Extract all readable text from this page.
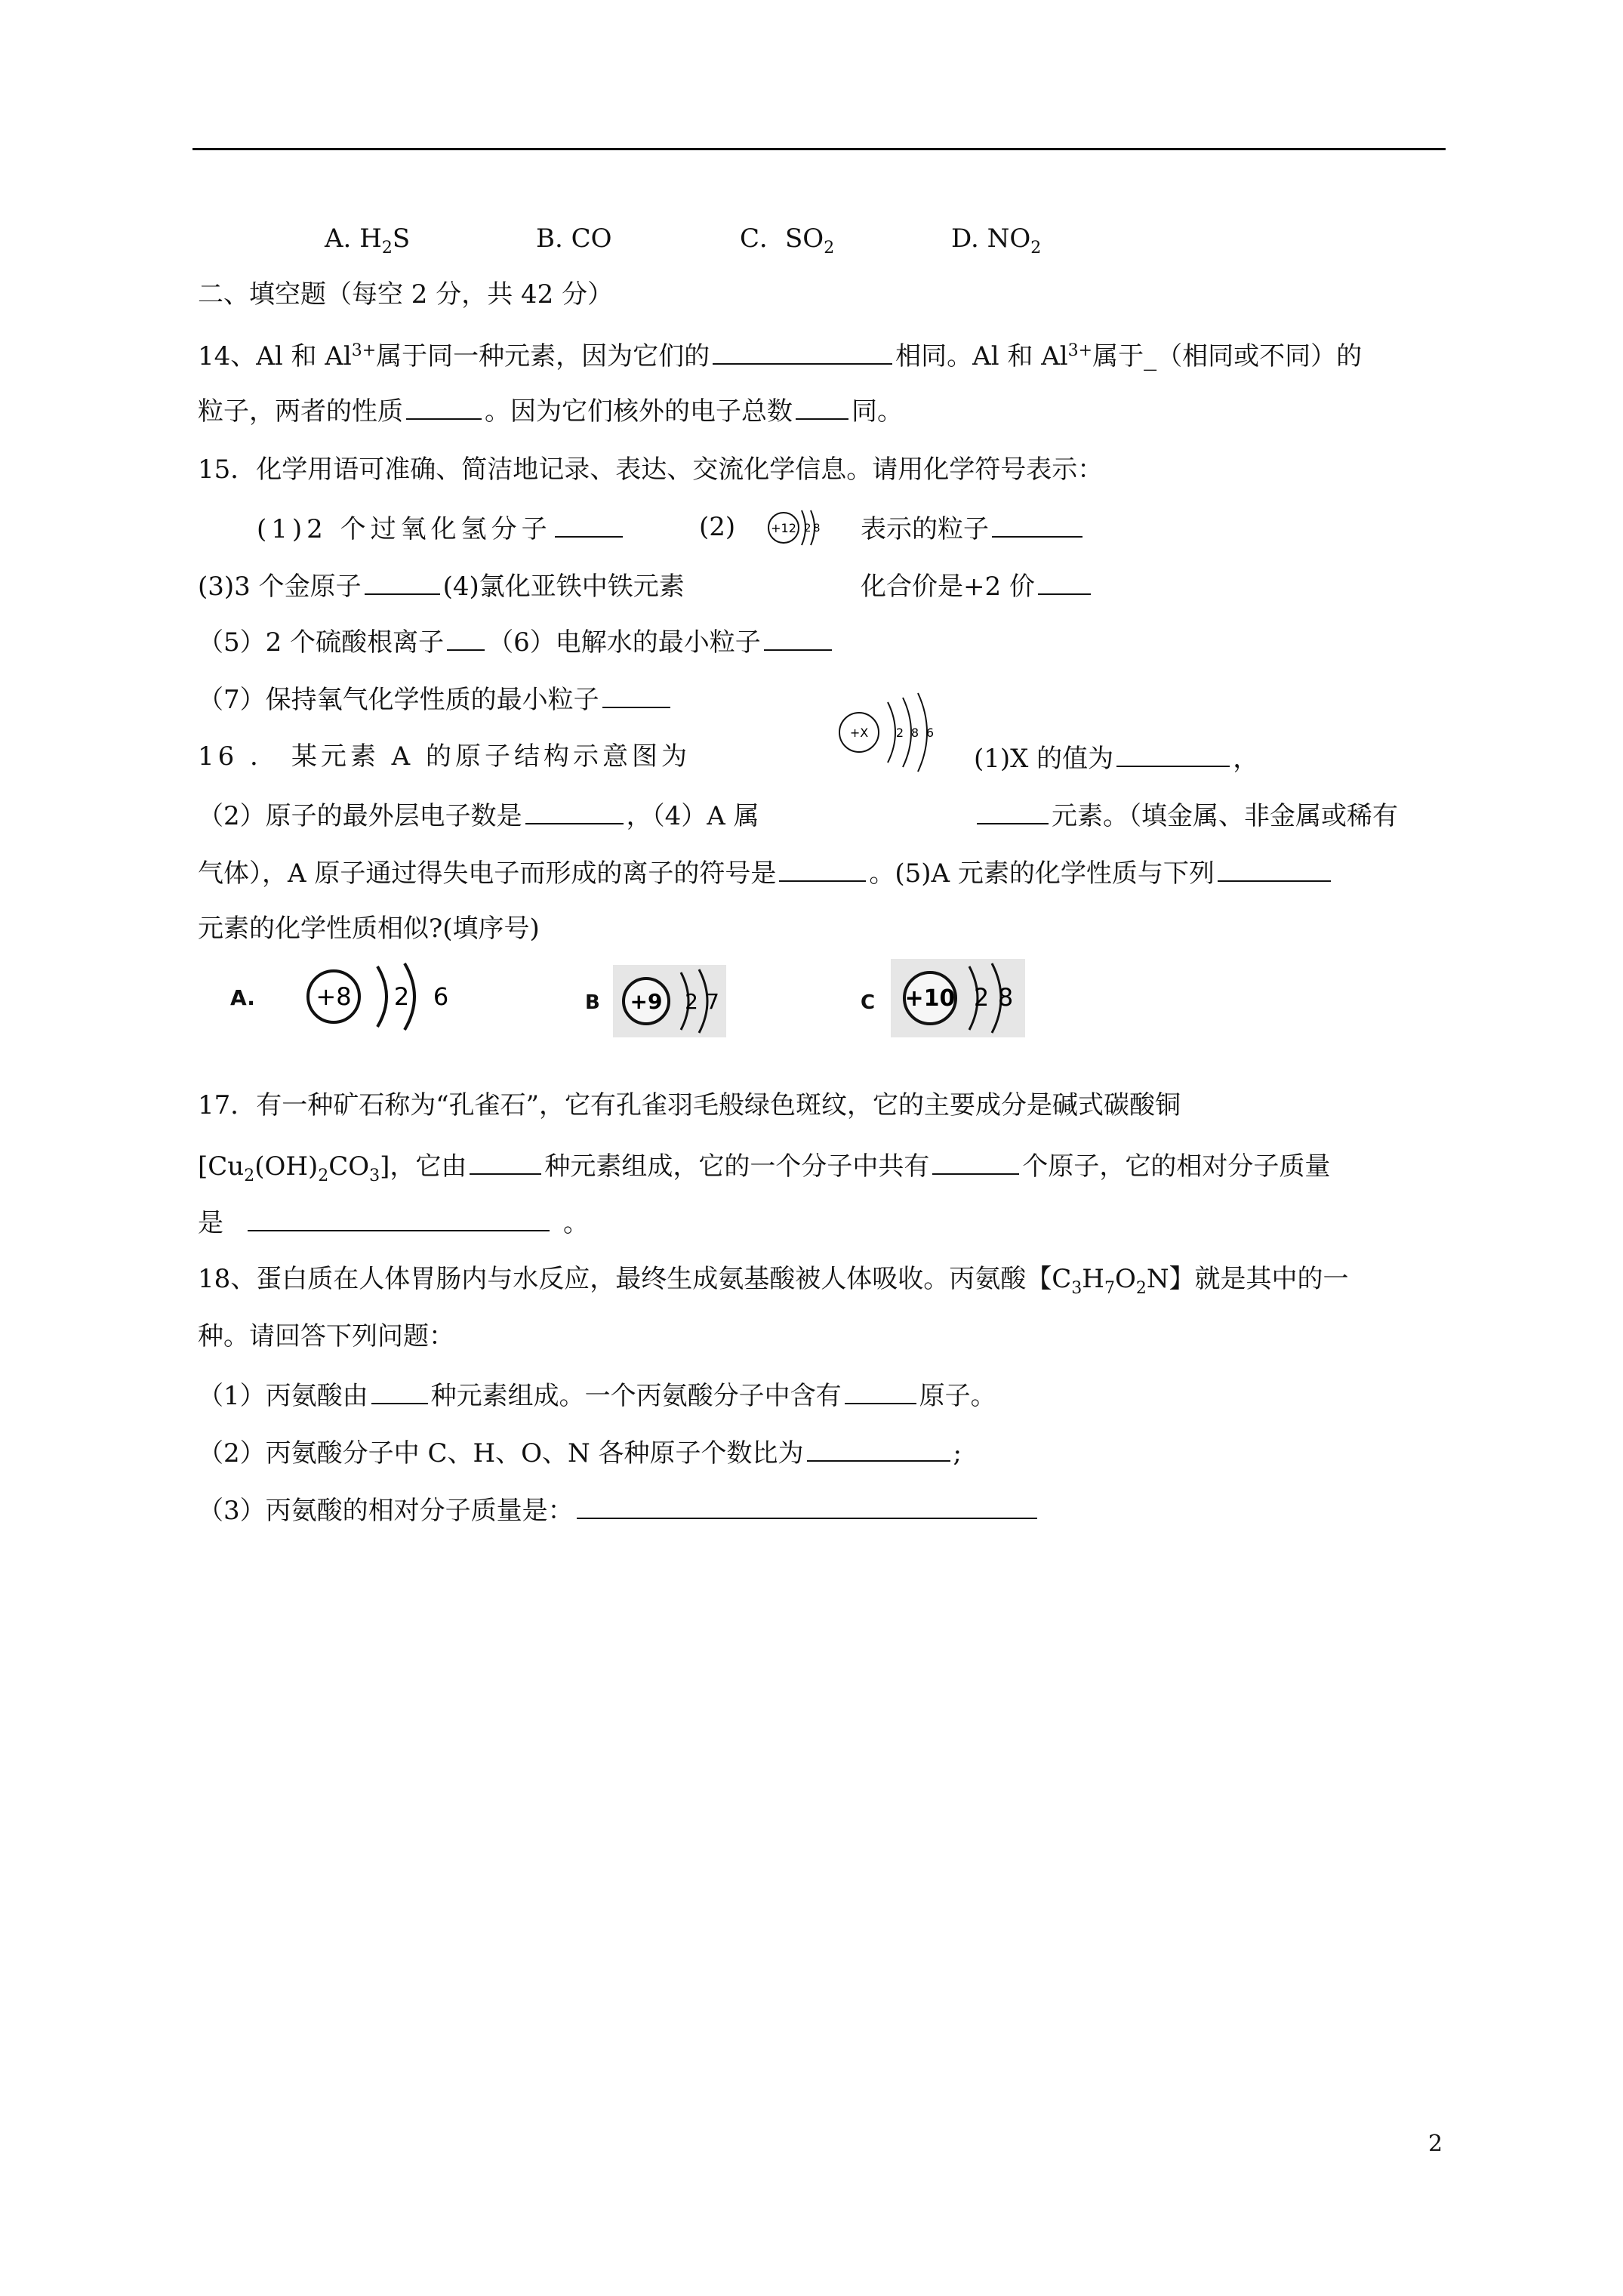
A. $H_2S$	B. CO	C．$SO_2$	D. $NO_2$
二、填空题（每空 2 分，共 42 分）
14、Al 和 $Al^{3+}$属于同一种元素，因为它们的	相同。Al 和 $Al^{3+}$属于_（相同或不同）的
粒子，两者的性质	。因为它们核外的电子总数 同。
15．化学用语可准确、简洁地记录、表达、交流化学信息。请用化学符号表示：
(1)2 个过氧化氢分子	(2)	+12 2 8 表示的粒子
(3)3 个金原子	(4)氯化亚铁中铁元素	化合价是+2 价
（5）2 个硫酸根离子 （6）电解水的最小粒子
（7）保持氧气化学性质的最小粒子
16 ． 某元素 A 的原子结构示意图为
+X 2 8 6
(1)X 的值为	，
（2）原子的最外层电子数是	，（4）A 属	元素。（填金属、非金属或稀有
气体），A 原子通过得失电子而形成的离子的符号是	。(5)A 元素的化学性质与下列
元素的化学性质相似?(填序号)
A.	+8 2 6	B +9 2 7	C +10 2 8
17．有一种矿石称为“孔雀石”，它有孔雀羽毛般绿色斑纹，它的主要成分是碱式碳酸铜
$[Cu_2(OH)_2CO_3]$，它由	种元素组成，它的一个分子中共有	个原子，它的相对分子质量
是	。
18、蛋白质在人体胃肠内与水反应，最终生成氨基酸被人体吸收。丙氨酸【$C_3H_7O_2N$】就是其中的一
种。请回答下列问题：
（1）丙氨酸由 种元素组成。一个丙氨酸分子中含有	原子。
（2）丙氨酸分子中 C、H、O、N 各种原子个数比为	;
（3）丙氨酸的相对分子质量是：
2
